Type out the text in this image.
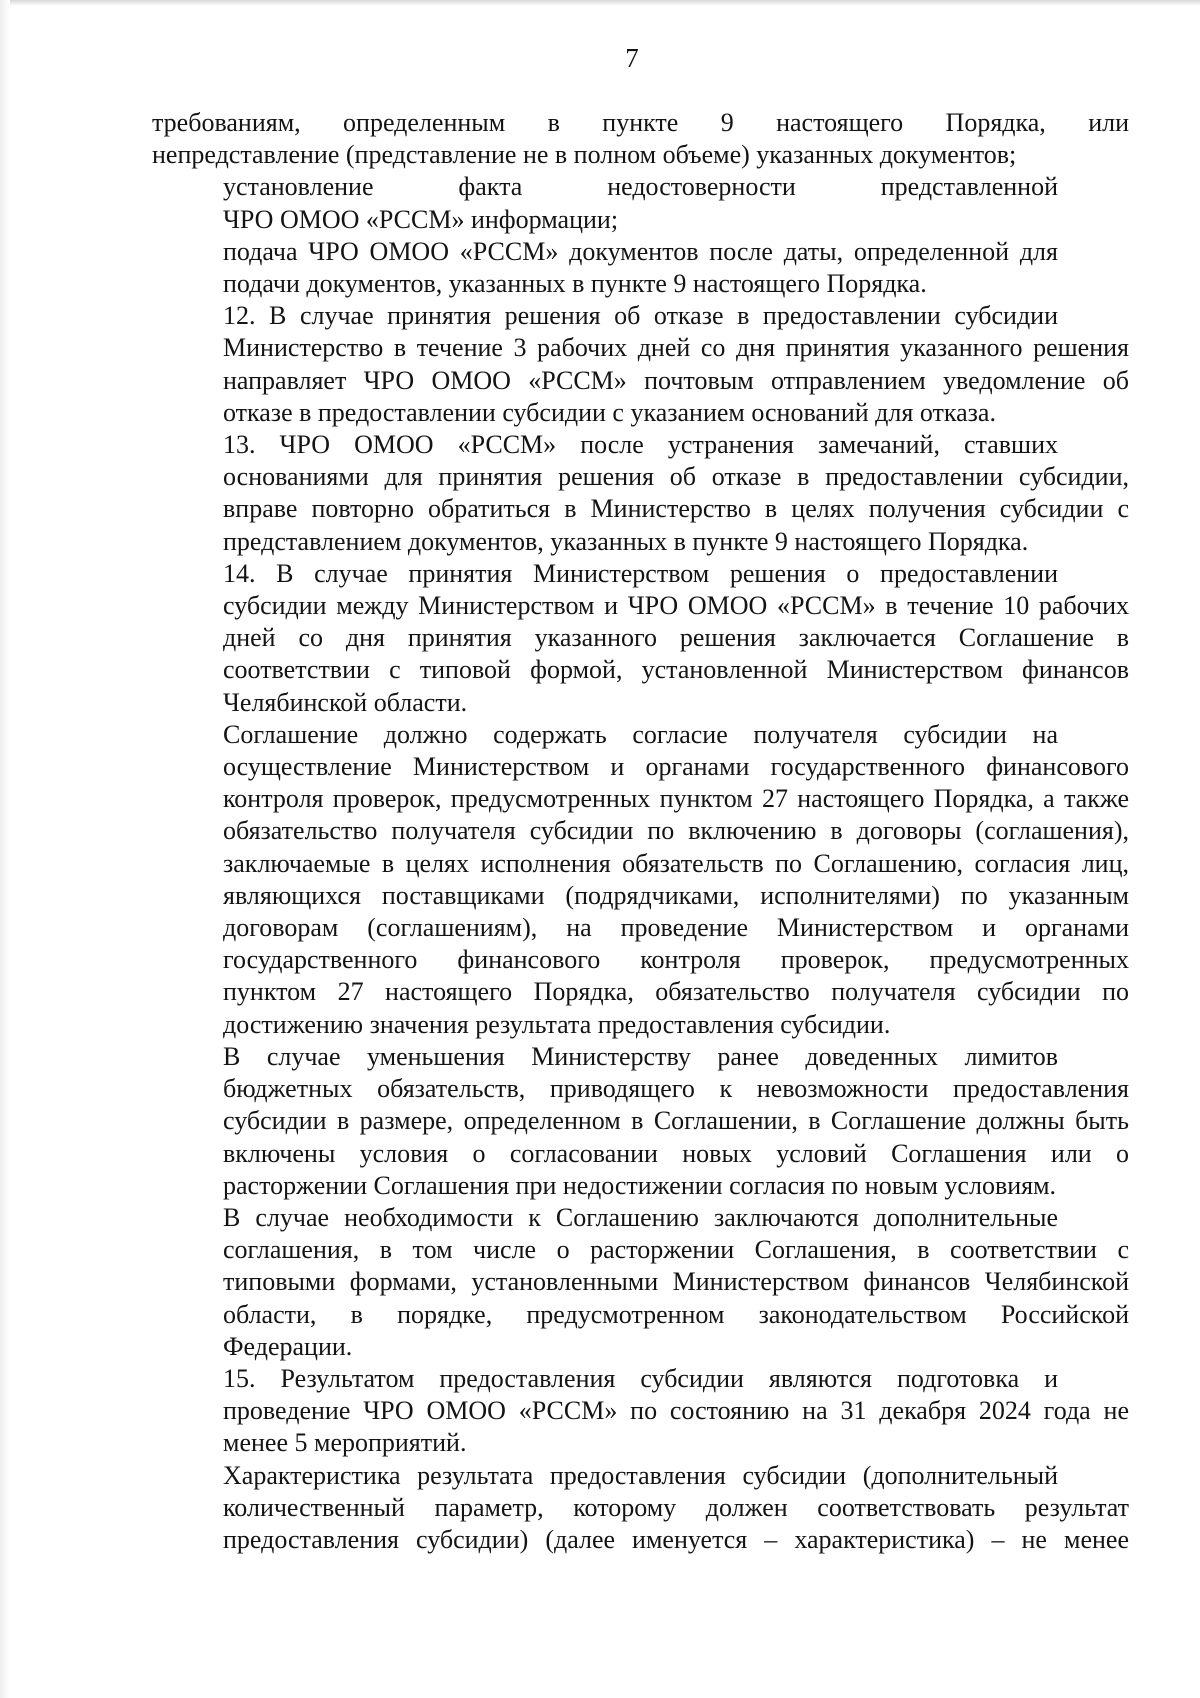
7

требованиям, определенным в пункте 9 настоящего Порядка, или
непредставление (представление не в полном объеме) указанных документов;

установление факта недостоверности представленной
ЧРО ОМОО «РССМ» информации;

подача ЧРО ОМОО «РССМ» документов после даты, определенной для
подачи документов, указанных в пункте 9 настоящего Порядка.

12. В случае принятия решения об отказе в предоставлении субсидии
Министерство в течение 3 рабочих дней со дня принятия указанного решения
направляет ЧРО ОМОО «РССМ» почтовым отправлением уведомление об
отказе в предоставлении субсидии с указанием оснований для отказа.

13. ЧРО ОМОО «РССМ» после устранения замечаний, ставших
основаниями для принятия решения об отказе в предоставлении субсидии,
вправе повторно обратиться в Министерство в целях получения субсидии с
представлением документов, указанных в пункте 9 настоящего Порядка.

14. В случае принятия Министерством решения о предоставлении
субсидии между Министерством и ЧРО ОМОО «РССМ» в течение 10 рабочих
дней со дня принятия указанного решения заключается Соглашение в
соответствии с типовой формой, установленной Министерством финансов
Челябинской области.

Соглашение должно содержать согласие получателя субсидии на
осуществление Министерством и органами государственного финансового
контроля проверок, предусмотренных пунктом 27 настоящего Порядка, а также
обязательство получателя субсидии по включению в договоры (соглашения),
заключаемые в целях исполнения обязательств по Соглашению, согласия лиц,
являющихся поставщиками (подрядчиками, исполнителями) по указанным
договорам (соглашениям), на проведение Министерством и органами
государственного финансового контроля проверок, предусмотренных
пунктом 27 настоящего Порядка, обязательство получателя субсидии по
достижению значения результата предоставления субсидии.

В случае уменьшения Министерству ранее доведенных лимитов
бюджетных обязательств, приводящего к невозможности предоставления
субсидии в размере, определенном в Соглашении, в Соглашение должны быть
включены условия о согласовании новых условий Соглашения или о
расторжении Соглашения при недостижении согласия по новым условиям.

В случае необходимости к Соглашению заключаются дополнительные
соглашения, в том числе о расторжении Соглашения, в соответствии с
типовыми формами, установленными Министерством финансов Челябинской
области, в порядке, предусмотренном законодательством Российской
Федерации.

15. Результатом предоставления субсидии являются подготовка и
проведение ЧРО ОМОО «РССМ» по состоянию на 31 декабря 2024 года не
менее 5 мероприятий.

Характеристика результата предоставления субсидии (дополнительный
количественный параметр, которому должен соответствовать результат
предоставления субсидии) (далее именуется – характеристика) – не менее
